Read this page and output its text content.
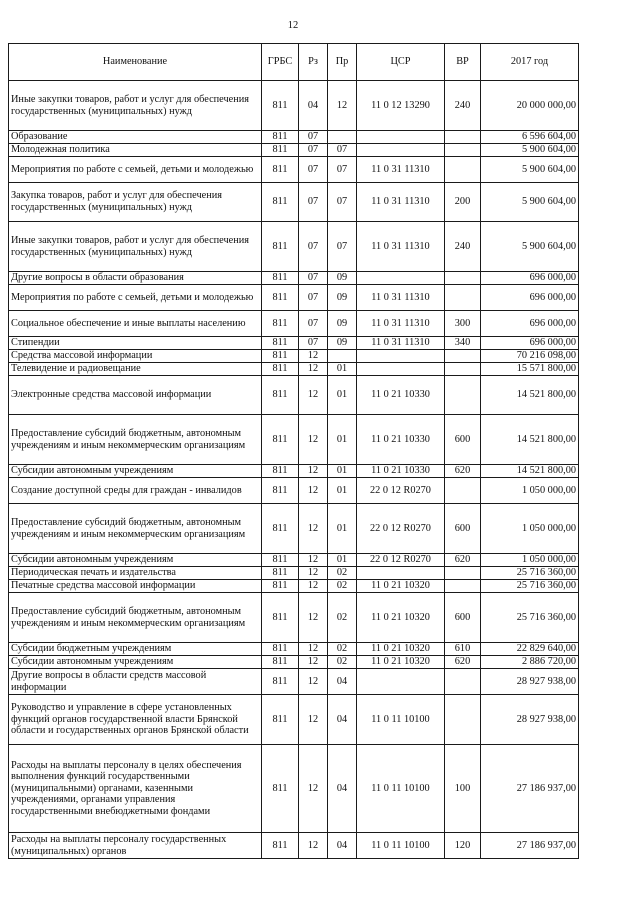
12
Наименование	ГРБС	Рз	Пр	ЦСР	ВР	2017 год
Иные закупки товаров, работ и услуг для обеспечения государственных (муниципальных) нужд	811	04	12	11 0 12 13290	240	20 000 000,00
Образование	811	07				6 596 604,00
Молодежная политика	811	07	07			5 900 604,00
Мероприятия по работе с семьей, детьми и молодежью	811	07	07	11 0 31 11310		5 900 604,00
Закупка товаров, работ и услуг для обеспечения государственных (муниципальных) нужд	811	07	07	11 0 31 11310	200	5 900 604,00
Иные закупки товаров, работ и услуг для обеспечения государственных (муниципальных) нужд	811	07	07	11 0 31 11310	240	5 900 604,00
Другие вопросы в области образования	811	07	09			696 000,00
Мероприятия по работе с семьей, детьми и молодежью	811	07	09	11 0 31 11310		696 000,00
Социальное обеспечение и иные выплаты населению	811	07	09	11 0 31 11310	300	696 000,00
Стипендии	811	07	09	11 0 31 11310	340	696 000,00
Средства массовой информации	811	12				70 216 098,00
Телевидение и радиовещание	811	12	01			15 571 800,00
Электронные средства массовой информации	811	12	01	11 0 21 10330		14 521 800,00
Предоставление субсидий бюджетным, автономным учреждениям и иным некоммерческим организациям	811	12	01	11 0 21 10330	600	14 521 800,00
Субсидии автономным учреждениям	811	12	01	11 0 21 10330	620	14 521 800,00
Создание доступной среды для граждан - инвалидов	811	12	01	22 0 12 R0270		1 050 000,00
Предоставление субсидий бюджетным, автономным учреждениям и иным некоммерческим организациям	811	12	01	22 0 12 R0270	600	1 050 000,00
Субсидии автономным учреждениям	811	12	01	22 0 12 R0270	620	1 050 000,00
Периодическая печать и издательства	811	12	02			25 716 360,00
Печатные средства массовой информации	811	12	02	11 0 21 10320		25 716 360,00
Предоставление субсидий бюджетным, автономным учреждениям и иным некоммерческим организациям	811	12	02	11 0 21 10320	600	25 716 360,00
Субсидии бюджетным учреждениям	811	12	02	11 0 21 10320	610	22 829 640,00
Субсидии автономным учреждениям	811	12	02	11 0 21 10320	620	2 886 720,00
Другие вопросы в области средств массовой информации	811	12	04			28 927 938,00
Руководство и управление в сфере установленных функций органов государственной власти Брянской области и государственных органов Брянской области	811	12	04	11 0 11 10100		28 927 938,00
Расходы на выплаты персоналу в целях обеспечения выполнения функций государственными (муниципальными) органами, казенными учреждениями, органами управления государственными внебюджетными фондами	811	12	04	11 0 11 10100	100	27 186 937,00
Расходы на выплаты персоналу государственных (муниципальных) органов	811	12	04	11 0 11 10100	120	27 186 937,00
